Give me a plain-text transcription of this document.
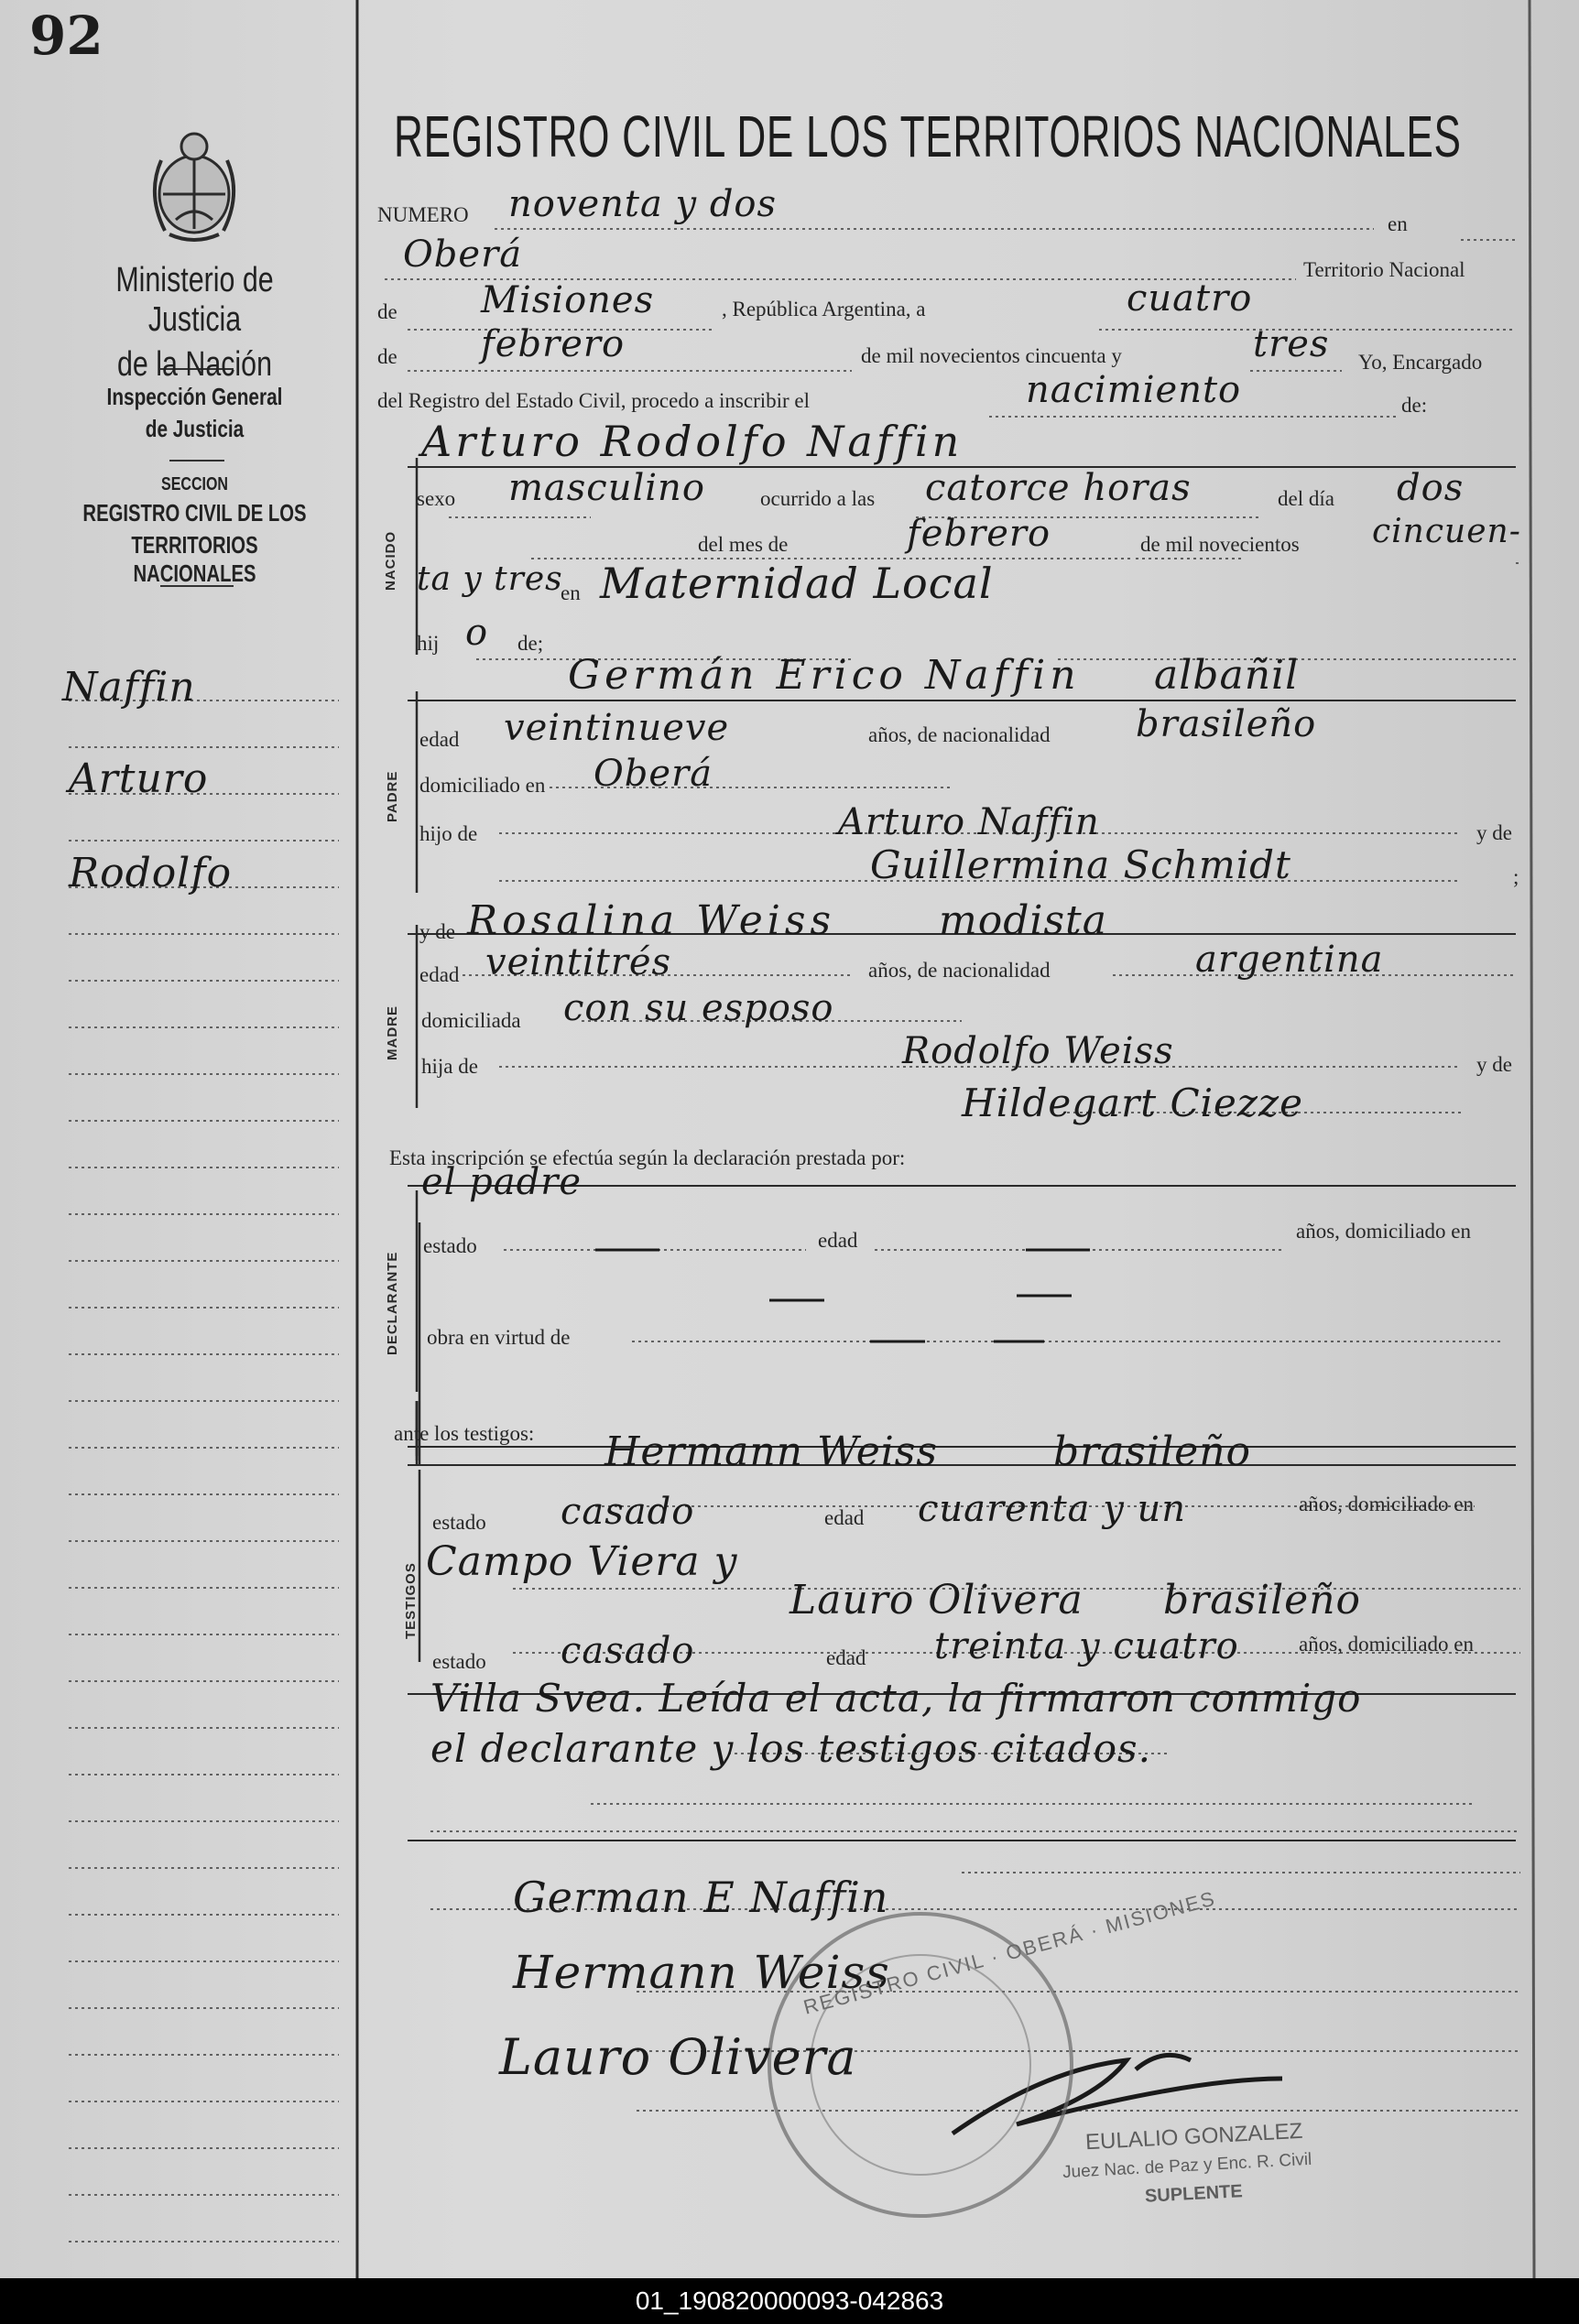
92
REGISTRO CIVIL DE LOS TERRITORIOS NACIONALES
Ministerio de Justicia
de la Nación
Inspección General
de Justicia
SECCION
REGISTRO CIVIL DE LOS
TERRITORIOS NACIONALES
Naffin
Arturo
Rodolfo
NUMERO noventa y dos	en
Oberá	Territorio Nacional
de Misiones	, República Argentina, a	cuatro
de febrero	de mil novecientos cincuenta y	tres Yo, Encargado
del Registro del Estado Civil, procedo a inscribir el	nacimiento	de:
NACIDO
Arturo Rodolfo Naffin
sexo masculino	ocurrido a las catorce horas	del día dos
del mes de	febrero	de mil novecientos cincuen-
ta y tres
en Maternidad Local
hij o de;
PADRE
Germán Erico Naffin albañil
edad veintinueve	años, de nacionalidad brasileño
domiciliado en Oberá
hijo de	Arturo Naffin	y de
Guillermina Schmidt	;
MADRE
y de Rosalina Weiss	modista
edad veintitrés	años, de nacionalidad	argentina
domiciliada con su esposo
hija de	Rodolfo Weiss	y de
Hildegart Ciezze
Esta inscripción se efectúa según la declaración prestada por:
el padre
DECLARANTE
estado	edad	años, domiciliado en
obra en virtud de
ante los testigos: Hermann Weiss	brasileño
TESTIGOS
estado casado	edad cuarenta y un	años, domiciliado en
Campo Viera y
Lauro Olivera brasileño
estado casado	edad treinta y cuatro	años, domiciliado en
Villa Svea. Leída el acta, la firmaron conmigo
el declarante y los testigos citados.
German E Naffin
Hermann Weiss
Lauro Olivera
REGISTRO CIVIL · OBERÁ · MISIONES
EULALIO GONZALEZ
Juez Nac. de Paz y Enc. R. Civil
SUPLENTE
01_190820000093-042863
